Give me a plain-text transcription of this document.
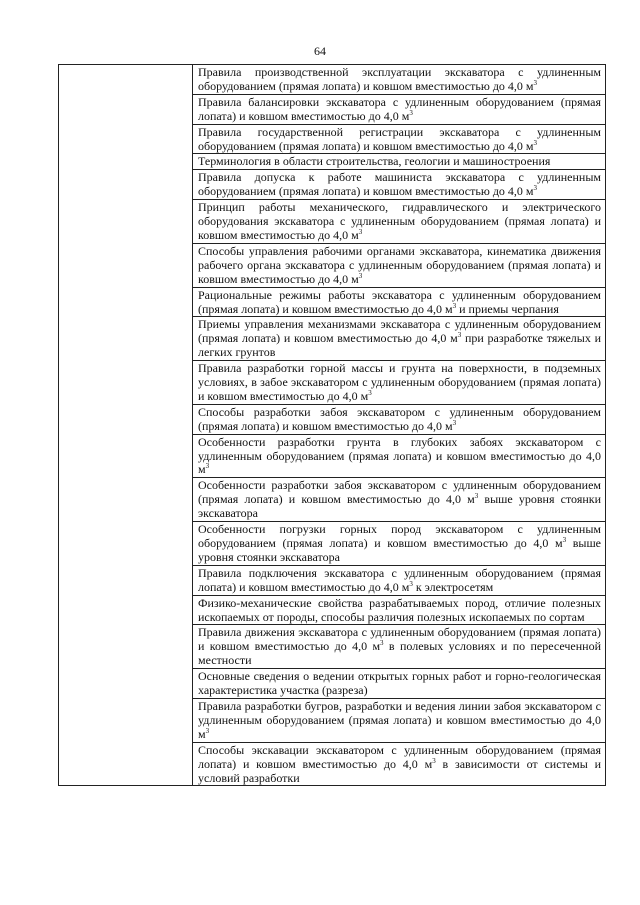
64

Правила производственной эксплуатации экскаватора с удлиненным оборудованием (прямая лопата) и ковшом вместимостью до 4,0 $м^3$

Правила балансировки экскаватора с удлиненным оборудованием (прямая лопата) и ковшом вместимостью до 4,0 $м^3$

Правила государственной регистрации экскаватора с удлиненным оборудованием (прямая лопата) и ковшом вместимостью до 4,0 $м^3$

Терминология в области строительства, геологии и машиностроения

Правила допуска к работе машиниста экскаватора с удлиненным оборудованием (прямая лопата) и ковшом вместимостью до 4,0 $м^3$

Принцип работы механического, гидравлического и электрического оборудования экскаватора с удлиненным оборудованием (прямая лопата) и ковшом вместимостью до 4,0 $м^3$

Способы управления рабочими органами экскаватора, кинематика движения рабочего органа экскаватора с удлиненным оборудованием (прямая лопата) и ковшом вместимостью до 4,0 $м^3$

Рациональные режимы работы экскаватора с удлиненным оборудованием (прямая лопата) и ковшом вместимостью до 4,0 $м^3$ и приемы черпания

Приемы управления механизмами экскаватора с удлиненным оборудованием (прямая лопата) и ковшом вместимостью до 4,0 $м^3$ при разработке тяжелых и легких грунтов

Правила разработки горной массы и грунта на поверхности, в подземных условиях, в забое экскаватором с удлиненным оборудованием (прямая лопата) и ковшом вместимостью до 4,0 $м^3$

Способы разработки забоя экскаватором с удлиненным оборудованием (прямая лопата) и ковшом вместимостью до 4,0 $м^3$

Особенности разработки грунта в глубоких забоях экскаватором с удлиненным оборудованием (прямая лопата) и ковшом вместимостью до 4,0 $м^3$

Особенности разработки забоя экскаватором с удлиненным оборудованием (прямая лопата) и ковшом вместимостью до 4,0 $м^3$ выше уровня стоянки экскаватора

Особенности погрузки горных пород экскаватором с удлиненным оборудованием (прямая лопата) и ковшом вместимостью до 4,0 $м^3$ выше уровня стоянки экскаватора

Правила подключения экскаватора с удлиненным оборудованием (прямая лопата) и ковшом вместимостью до 4,0 $м^3$ к электросетям

Физико-механические свойства разрабатываемых пород, отличие полезных ископаемых от породы, способы различия полезных ископаемых по сортам

Правила движения экскаватора с удлиненным оборудованием (прямая лопата) и ковшом вместимостью до 4,0 $м^3$ в полевых условиях и по пересеченной местности

Основные сведения о ведении открытых горных работ и горно-геологическая характеристика участка (разреза)

Правила разработки бугров, разработки и ведения линии забоя экскаватором с удлиненным оборудованием (прямая лопата) и ковшом вместимостью до 4,0 $м^3$

Способы экскавации экскаватором с удлиненным оборудованием (прямая лопата) и ковшом вместимостью до 4,0 $м^3$ в зависимости от системы и условий разработки
